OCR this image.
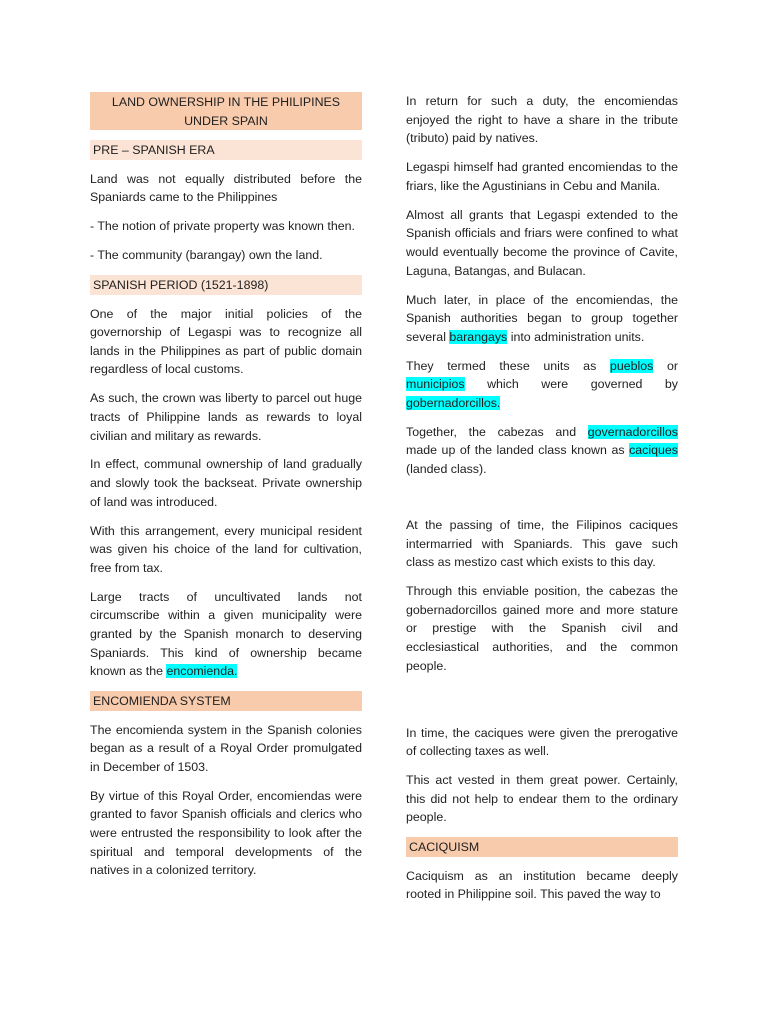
LAND OWNERSHIP IN THE PHILIPINES UNDER SPAIN
PRE – SPANISH ERA

Land was not equally distributed before the Spaniards came to the Philippines

- The notion of private property was known then.

- The community (barangay) own the land.

SPANISH PERIOD (1521-1898)

One of the major initial policies of the governorship of Legaspi was to recognize all lands in the Philippines as part of public domain regardless of local customs.

As such, the crown was liberty to parcel out huge tracts of Philippine lands as rewards to loyal civilian and military as rewards.

In effect, communal ownership of land gradually and slowly took the backseat. Private ownership of land was introduced.

With this arrangement, every municipal resident was given his choice of the land for cultivation, free from tax.

Large tracts of uncultivated lands not circumscribe within a given municipality were granted by the Spanish monarch to deserving Spaniards. This kind of ownership became known as the encomienda.

ENCOMIENDA SYSTEM

The encomienda system in the Spanish colonies began as a result of a Royal Order promulgated in December of 1503.

By virtue of this Royal Order, encomiendas were granted to favor Spanish officials and clerics who were entrusted the responsibility to look after the spiritual and temporal developments of the natives in a colonized territory.

In return for such a duty, the encomiendas enjoyed the right to have a share in the tribute (tributo) paid by natives.

Legaspi himself had granted encomiendas to the friars, like the Agustinians in Cebu and Manila.

Almost all grants that Legaspi extended to the Spanish officials and friars were confined to what would eventually become the province of Cavite, Laguna, Batangas, and Bulacan.

Much later, in place of the encomiendas, the Spanish authorities began to group together several barangays into administration units.

They termed these units as pueblos or municipios which were governed by gobernadorcillos.

Together, the cabezas and governadorcillos made up of the landed class known as caciques (landed class).

At the passing of time, the Filipinos caciques intermarried with Spaniards. This gave such class as mestizo cast which exists to this day.

Through this enviable position, the cabezas the gobernadorcillos gained more and more stature or prestige with the Spanish civil and ecclesiastical authorities, and the common people.

In time, the caciques were given the prerogative of collecting taxes as well.

This act vested in them great power. Certainly, this did not help to endear them to the ordinary people.

CACIQUISM

Caciquism as an institution became deeply rooted in Philippine soil. This paved the way to
